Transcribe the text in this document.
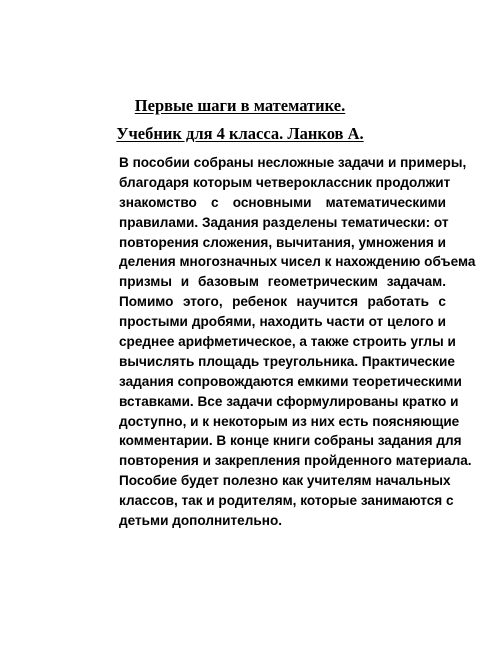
Первые шаги в математике.
Учебник для 4 класса. Ланков А.
В пособии собраны несложные задачи и примеры,
благодаря которым четвероклассник продолжит
знакомство с основными математическими
правилами. Задания разделены тематически: от
повторения сложения, вычитания, умножения и
деления многозначных чисел к нахождению объема
призмы и базовым геометрическим задачам.
Помимо этого, ребенок научится работать с
простыми дробями, находить части от целого и
среднее арифметическое, а также строить углы и
вычислять площадь треугольника. Практические
задания сопровождаются емкими теоретическими
вставками. Все задачи сформулированы кратко и
доступно, и к некоторым из них есть поясняющие
комментарии. В конце книги собраны задания для
повторения и закрепления пройденного материала.
Пособие будет полезно как учителям начальных
классов, так и родителям, которые занимаются с
детьми дополнительно.
